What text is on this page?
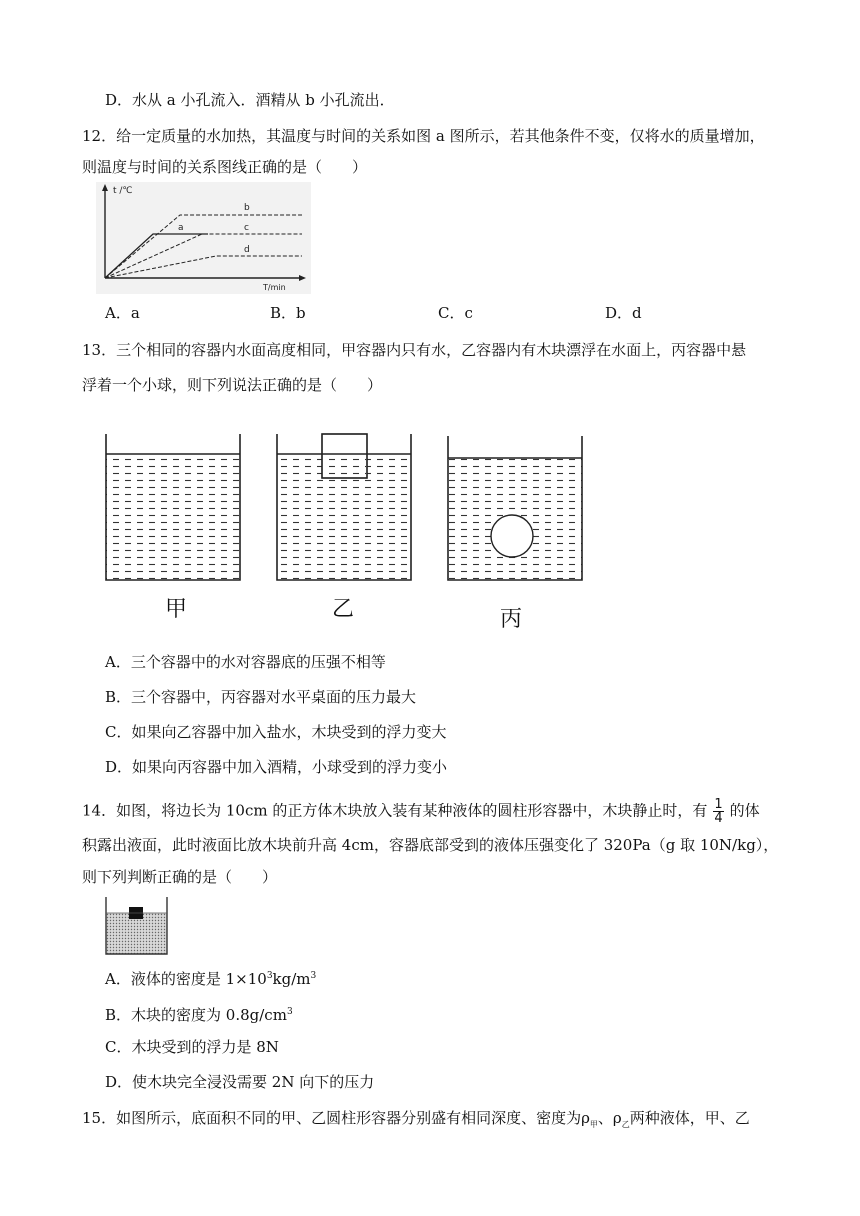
D．水从 a 小孔流入．酒精从 b 小孔流出．
12．给一定质量的水加热，其温度与时间的关系如图 a 图所示，若其他条件不变，仅将水的质量增加，
则温度与时间的关系图线正确的是（　　）
t /℃
T/min
a
b
c
d
A．a	B．b	C．c	D．d
13．三个相同的容器内水面高度相同，甲容器内只有水，乙容器内有木块漂浮在水面上，丙容器中悬
浮着一个小球，则下列说法正确的是（　　）
甲	乙	丙
A．三个容器中的水对容器底的压强不相等
B．三个容器中，丙容器对水平桌面的压力最大
C．如果向乙容器中加入盐水，木块受到的浮力变大
D．如果向丙容器中加入酒精，小球受到的浮力变小
14．如图，将边长为 10cm 的正方体木块放入装有某种液体的圆柱形容器中，木块静止时，有 $\frac{1}{4}$ 的体
积露出液面，此时液面比放木块前升高 4cm，容器底部受到的液体压强变化了 320Pa（g 取 10N/kg），
则下列判断正确的是（　　）
A．液体的密度是 $1\times 10^3kg/m^3$
B．木块的密度为 $0.8g/cm^3$
C．木块受到的浮力是 8N
D．使木块完全浸没需要 2N 向下的压力
15．如图所示，底面积不同的甲、乙圆柱形容器分别盛有相同深度、密度为$\rho_甲$、$\rho_乙$两种液体，甲、乙
